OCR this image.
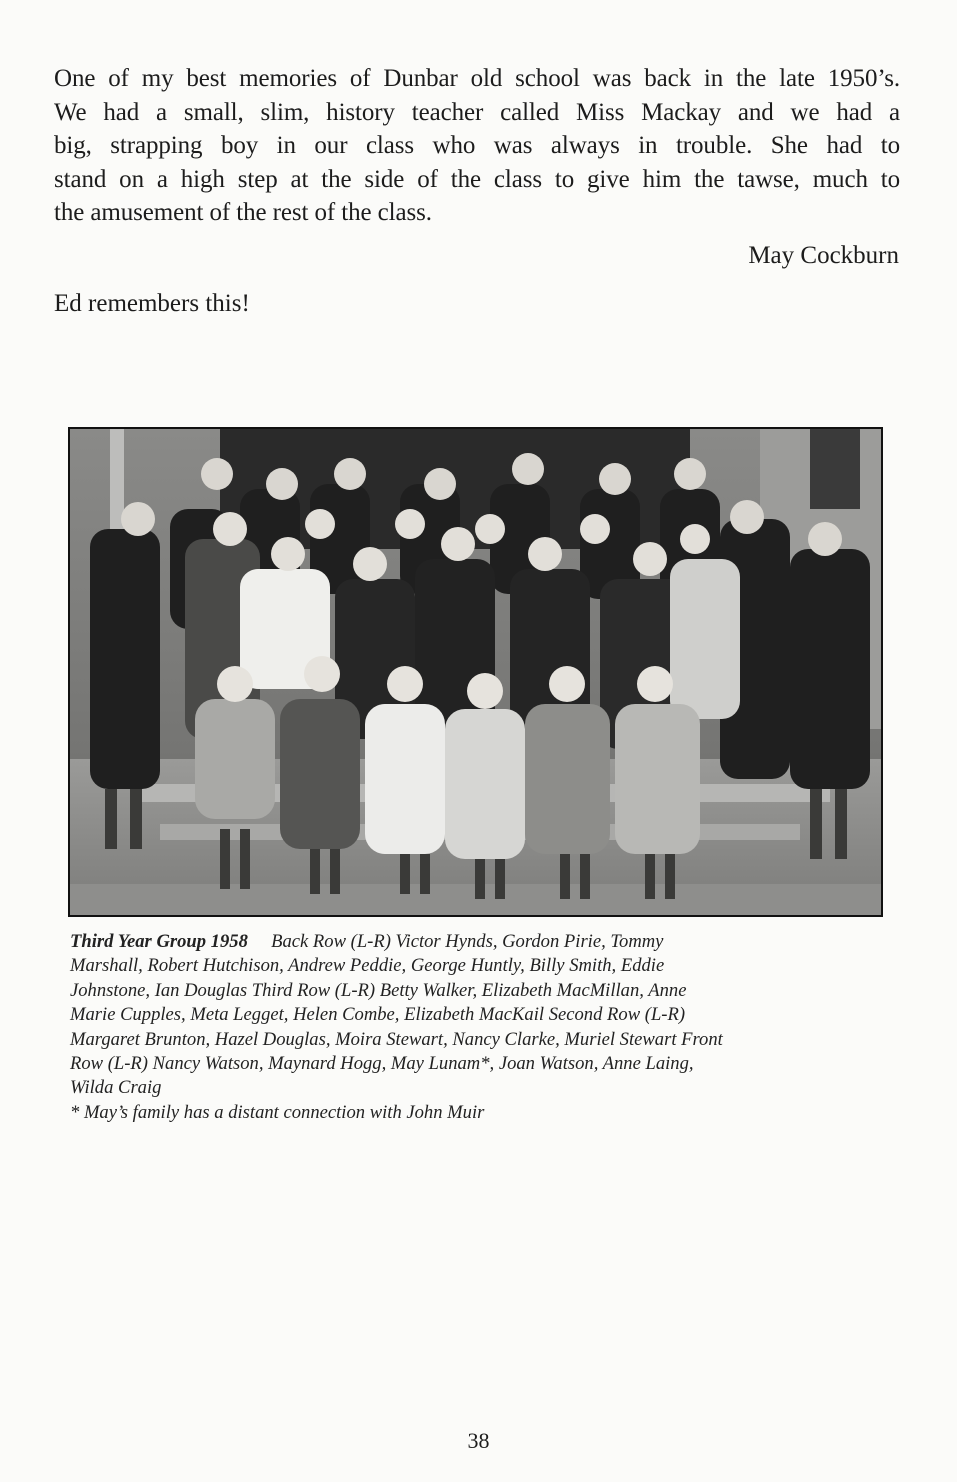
One of my best memories of Dunbar old school was back in the late 1950’s.
We had a small, slim, history teacher called Miss Mackay and we had a
big, strapping boy in our class who was always in trouble. She had to
stand on a high step at the side of the class to give him the tawse, much to
the amusement of the rest of the class.
May Cockburn
Ed remembers this!
Third Year Group 1958 Back Row (L-R) Victor Hynds, Gordon Pirie, Tommy
Marshall, Robert Hutchison, Andrew Peddie, George Huntly, Billy Smith, Eddie
Johnstone, Ian Douglas Third Row (L-R) Betty Walker, Elizabeth MacMillan, Anne
Marie Cupples, Meta Legget, Helen Combe, Elizabeth MacKail Second Row (L-R)
Margaret Brunton, Hazel Douglas, Moira Stewart, Nancy Clarke, Muriel Stewart Front
Row (L-R) Nancy Watson, Maynard Hogg, May Lunam*, Joan Watson, Anne Laing,
Wilda Craig
* May’s family has a distant connection with John Muir
38
